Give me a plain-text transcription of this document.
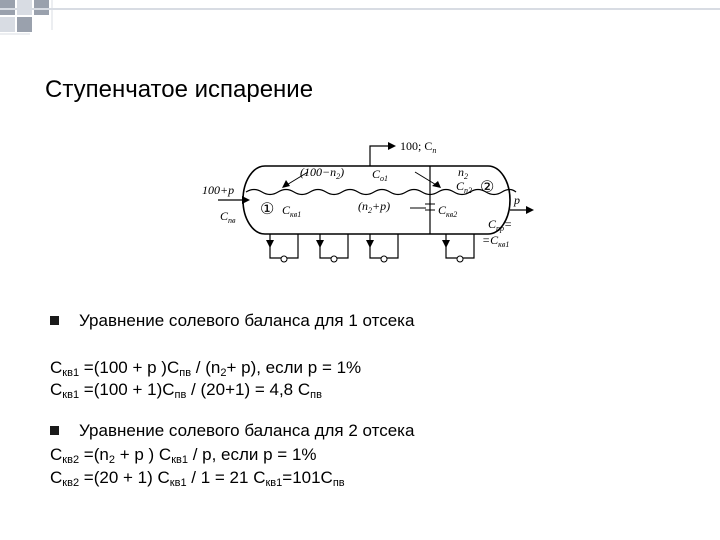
Ступенчатое испарение
100; $C_п$
100+p
$C_{пв}$
$(100-n_2)$ $C_{о1}$	$n_2$
$C_{п2}$ ②
① $C_{кв1}$
$(n_2+p)$	$C_{кв2}$
p
$C_{пр}=$
$=C_{кв1}$
Уравнение солевого баланса для 1 отсека
$C_{кв1} =(100 + p$ )$C_{пв} / (n_2+ p)$, если p = 1%
$C_{кв1} =(100 + 1)C_{пв} / (20+1) = 4,8$ $C_{пв}$
Уравнение солевого баланса для 2 отсека
$C_{кв2} =(n_2 + p$ ) $C_{кв1}$ / p, если p = 1%
$C_{кв2} =(20 + 1)$ $C_{кв1} / 1 = 21$ $C_{кв1}=101C_{пв}$
